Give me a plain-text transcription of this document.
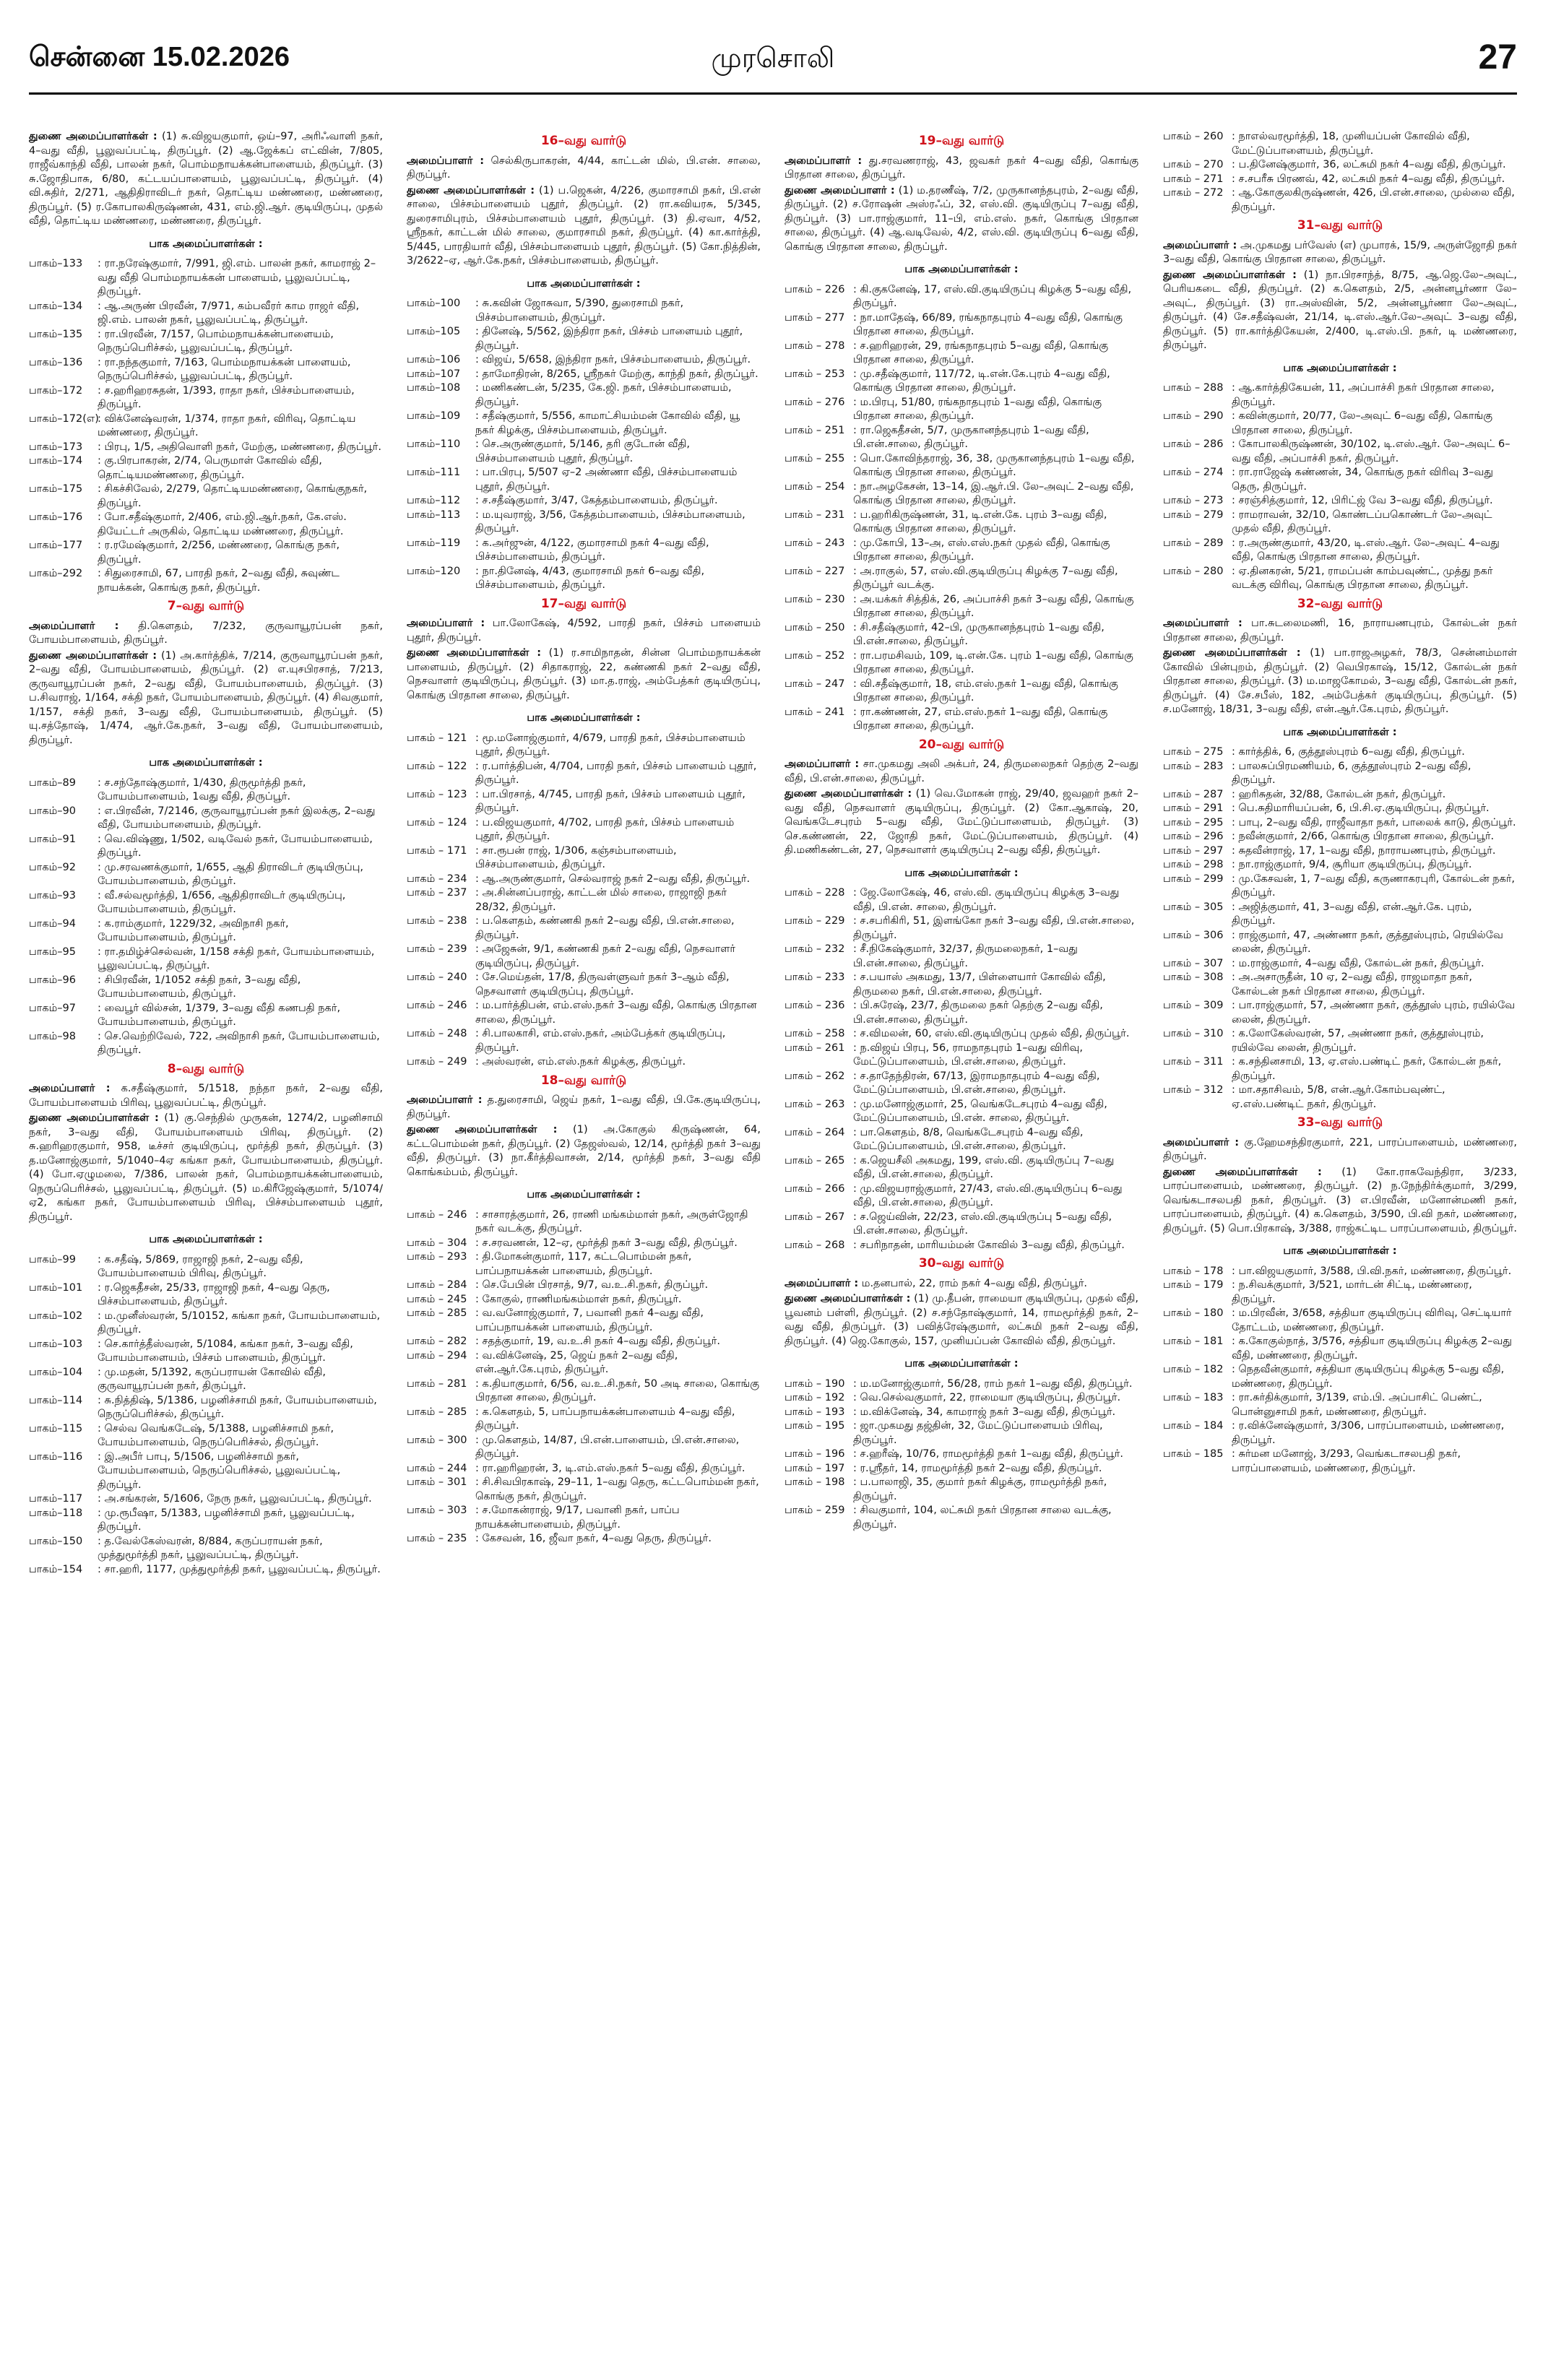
சென்னை 15.02.2026	முரசொலி	27

துணை அமைப்பாளர்கள் : (1) சு.விஜயகுமார், ஒய்–97, அரிஃவாளி நகர், 4–வது வீதி, பூலுவப்பட்டி, திருப்பூர். (2) ஆ.ஜேக்கப் எட்வின், 7/805, ராஜீவ்காந்தி வீதி, பாலன் நகர், பொம்மநாயக்கன்பாளையம், திருப்பூர். (3) சு.ஜோதிபாசு, 6/80, கட்டயப்பாளையம், பூலுவப்பட்டி, திருப்பூர். (4) வி.சுதிர், 2/271, ஆதிதிராவிடர் நகர், தொட்டிய மண்ணரை, மண்ணரை, திருப்பூர். (5) ர.கோபாலகிருஷ்ணன், 431, எம்.ஜி.ஆர். குடியிருப்பு, முதல் வீதி, தொட்டிய மண்ணரை, மண்ணரை, திருப்பூர்.

பாக அமைப்பாளர்கள் :
பாகம்–133	: ரா.நரேஷ்குமார், 7/991, ஜி.எம். பாலன் நகர், காமராஜ் 2–வது வீதி பொம்மநாயக்கன் பாளையம், பூலுவப்பட்டி, திருப்பூர்.
பாகம்–134	: ஆ.அருண் பிரவீன், 7/971, கம்பவீரர் காம ராஜர் வீதி, ஜி.எம். பாலன் நகர், பூலுவப்பட்டி, திருப்பூர்.
பாகம்–135	: ரா.பிரவீன், 7/157, பொம்மநாயக்கன்பாளையம், நெருப்பெரிச்சல், பூலுவப்பட்டி, திருப்பூர்.
பாகம்–136	: ரா.நந்தகுமார், 7/163, பொம்மநாயக்கன் பாளையம், நெருப்பெரிச்சல், பூலுவப்பட்டி, திருப்பூர்.
பாகம்–172	: ச.ஹரிஹரசுதன், 1/393, ராதா நகர், பிச்சம்பாளையம், திருப்பூர்.
பாகம்–172(எ) : விக்னேஷ்வரன், 1/374, ராதா நகர், விரிவு, தொட்டிய மண்ணரை, திருப்பூர்.
பாகம்–173	: பிரபு, 1/5, அதிவொளி நகர், மேற்கு, மண்ணரை, திருப்பூர்.
பாகம்–174	: கு.பிரபாகரன், 2/74, பெருமாள் கோவில் வீதி, தொட்டியமண்ணரை, திருப்பூர்.
பாகம்–175	: சிகச்சிவேல், 2/279, தொட்டியமண்ணரை, கொங்குநகர், திருப்பூர்.
பாகம்–176	: போ.சதீஷ்குமார், 2/406, எம்.ஜி.ஆர்.நகர், கே.எஸ். தியேட்டர் அருகில், தொட்டிய மண்ணரை, திருப்பூர்.
பாகம்–177	: ர.ரமேஷ்குமார், 2/256, மண்ணரை, கொங்கு நகர், திருப்பூர்.
பாகம்–292	: சிதுரைசாமி, 67, பாரதி நகர், 2–வது வீதி, சுவுண்ட நாயக்கன், கொங்கு நகர், திருப்பூர்.
7–வது வார்டு

அமைப்பாளர் : தி.கௌதம், 7/232, குருவாயூரப்பன் நகர், போயம்பாளையம், திருப்பூர்.

துணை அமைப்பாளர்கள் : (1) அ.கார்த்திக், 7/214, குருவாயூரப்பன் நகர், 2–வது வீதி, போயம்பாளையம், திருப்பூர். (2) எ.யுசபிரசாத், 7/213, குருவாயூரப்பன் நகர், 2–வது வீதி, போயம்பாளையம், திருப்பூர். (3) ப.சிவராஜ், 1/164, சக்தி நகர், போயம்பாளையம், திருப்பூர். (4) சிவகுமார், 1/157, சக்தி நகர், 3–வது வீதி, போயம்பாளையம், திருப்பூர். (5) யு.சத்தோஷ், 1/474, ஆர்.கே.நகர், 3–வது வீதி, போயம்பாளையம், திருப்பூர்.

பாக அமைப்பாளர்கள் :
பாகம்–89	: ச.சந்தோஷ்குமார், 1/430, திருமூர்த்தி நகர், போயம்பாளையம், 1வது வீதி, திருப்பூர்.
பாகம்–90	: எ.பிரவீன், 7/2146, குருவாயூரப்பன் நகர் இலக்கு, 2–வது வீதி, போயம்பாளையம், திருப்பூர்.
பாகம்–91	: வெ.விஷ்ணு, 1/502, வடிவேல் நகர், போயம்பாளையம், திருப்பூர்.
பாகம்–92	: மு.சரவணக்குமார், 1/655, ஆதி திராவிடர் குடியிருப்பு, போயம்பாளையம், திருப்பூர்.
பாகம்–93	: வீ.சல்வமூர்த்தி, 1/656, ஆதிதிராவிடர் குடியிருப்பு, போயம்பாளையம், திருப்பூர்.
பாகம்–94	: க.ராம்குமார், 1229/32, அவிநாசி நகர், போயம்பாளையம், திருப்பூர்.
பாகம்–95	: ரா.தமிழ்ச்செல்வன், 1/158 சக்தி நகர், போயம்பாளையம், பூலுவப்பட்டி, திருப்பூர்.
பாகம்–96	: சிபிரவீன், 1/1052 சக்தி நகர், 3–வது வீதி, போயம்பாளையம், திருப்பூர்.
பாகம்–97	: வைபூர் வில்சன், 1/379, 3–வது வீதி கணபதி நகர், போயம்பாளையம், திருப்பூர்.
பாகம்–98	: செ.வெற்றிவேல், 722, அவிநாசி நகர், போயம்பாளையம், திருப்பூர்.
8–வது வார்டு

அமைப்பாளர் : க.சதீஷ்குமார், 5/1518, நந்தா நகர், 2–வது வீதி, போயம்பாளையம் பிரிவு, பூலுவப்பட்டி, திருப்பூர்.

துணை அமைப்பாளர்கள் : (1) கு.செந்தில் முருகன், 1274/2, பழனிசாமி நகர், 3–வது வீதி, போயம்பாளையம் பிரிவு, திருப்பூர். (2) சு.ஹரிஹரகுமார், 958, டீச்சர் குடியிருப்பு, மூர்த்தி நகர், திருப்பூர். (3) த.மனோஜ்குமார், 5/1040–4ஏ கங்கா நகர், போயம்பாளையம், திருப்பூர். (4) போ.ஏழுமலை, 7/386, பாலன் நகர், பொம்மநாயக்கன்பாளையம், நெருப்பெரிச்சல், பூலுவப்பட்டி, திருப்பூர். (5) ம.கிரீஜேஷ்குமார், 5/1074/ஏ2, கங்கா நகர், போயம்பாளையம் பிரிவு, பிச்சம்பாளையம் புதூர், திருப்பூர்.

பாக அமைப்பாளர்கள் :
பாகம்–99	: க.சதீஷ், 5/869, ராஜாஜி நகர், 2–வது வீதி, போயம்பாளையம் பிரிவு, திருப்பூர்.
பாகம்–101	: ர.ஜெகதீசன், 25/33, ராஜாஜி நகர், 4–வது தெரு, பிச்சம்பாளையம், திருப்பூர்.
பாகம்–102	: ம.முனீஸ்வரன், 5/10152, கங்கா நகர், போயம்பாளையம், திருப்பூர்.
பாகம்–103	: செ.கார்த்தீஸ்வரன், 5/1084, கங்கா நகர், 3–வது வீதி, போயம்பாளையம், பிச்சம் பாளையம், திருப்பூர்.
பாகம்–104	: மு.மதன், 5/1392, கருப்பராயன் கோவில் வீதி, குருவாயூரப்பன் நகர், திருப்பூர்.
பாகம்–114	: சு.நித்திஷ், 5/1386, பழனிச்சாமி நகர், போயம்பாளையம், நெருப்பெரிச்சல், திருப்பூர்.
பாகம்–115	: செல்வ வெங்கடேஷ், 5/1388, பழனிச்சாமி நகர், போயம்பாளையம், நெருப்பெரிச்சல், திருப்பூர்.
பாகம்–116	: இ.அபீர் பாபு, 5/1506, பழனிச்சாமி நகர், போயம்பாளையம், நெருப்பெரிச்சல், பூலுவப்பட்டி, திருப்பூர்.
பாகம்–117	: அ.சங்கரன், 5/1606, நேரு நகர், பூலுவப்பட்டி, திருப்பூர்.
பாகம்–118	: மு.ரூபீஷா, 5/1383, பழனிச்சாமி நகர், பூலுவப்பட்டி, திருப்பூர்.
பாகம்–150	: த.வேல்கேஸ்வரன், 8/884, கருப்பராயன் நகர், முத்துமூர்த்தி நகர், பூலுவப்பட்டி, திருப்பூர்.
பாகம்–154	: சா.ஹரி, 1177, முத்துமூர்த்தி நகர், பூலுவப்பட்டி, திருப்பூர்.
16–வது வார்டு

அமைப்பாளர் : செல்கிருபாகரன், 4/44, காட்டன் மில், பி.என். சாலை, திருப்பூர்.

துணை அமைப்பாளர்கள் : (1) ப.ஜெகன், 4/226, குமாரசாமி நகர், பி.என் சாலை, பிச்சம்பாளையம் புதூர், திருப்பூர். (2) ரா.கவியரசு, 5/345, துரைசாமிபுரம், பிச்சம்பாளையம் புதூர், திருப்பூர். (3) தி.ஏவா, 4/52, ஸ்ரீநகர், காட்டன் மில் சாலை, குமாரசாமி நகர், திருப்பூர். (4) கா.கார்த்தி, 5/445, பாரதியார் வீதி, பிச்சம்பாளையம் புதூர், திருப்பூர். (5) கோ.நித்தின், 3/2622–ஏ, ஆர்.கே.நகர், பிச்சம்பாளையம், திருப்பூர்.

பாக அமைப்பாளர்கள் :
பாகம்–100	: சு.கவின் ஜோசுவா, 5/390, துரைசாமி நகர், பிச்சம்பாளையம், திருப்பூர்.
பாகம்–105	: தினேஷ், 5/562, இந்திரா நகர், பிச்சம் பாளையம் புதூர், திருப்பூர்.
பாகம்–106	: விஜய், 5/658, இந்திரா நகர், பிச்சம்பாளையம், திருப்பூர்.
பாகம்–107	: தாமோதிரன், 8/265, ஸ்ரீநகர் மேற்கு, காந்தி நகர், திருப்பூர்.
பாகம்–108	: மணிகண்டன், 5/235, கே.ஜி. நகர், பிச்சம்பாளையம், திருப்பூர்.
பாகம்–109	: சதீஷ்குமார், 5/556, காமாட்சியம்மன் கோவில் வீதி, யூ நகர் கிழக்கு, பிச்சம்பாளையம், திருப்பூர்.
பாகம்–110	: செ.அருண்குமார், 5/146, தரி குடோன் வீதி, பிச்சம்பாளையம் புதூர், திருப்பூர்.
பாகம்–111	: பா.பிரபு, 5/507 ஏ–2 அண்ணா வீதி, பிச்சம்பாளையம் புதூர், திருப்பூர்.
பாகம்–112	: ச.சதீஷ்குமார், 3/47, கேத்தம்பாளையம், திருப்பூர்.
பாகம்–113	: ம.யுவராஜ், 3/56, கேத்தம்பாளையம், பிச்சம்பாளையம், திருப்பூர்.
பாகம்–119	: க.அர்ஜுன், 4/122, குமாரசாமி நகர் 4–வது வீதி, பிச்சம்பாளையம், திருப்பூர்.
பாகம்–120	: நா.தினேஷ், 4/43, குமாரசாமி நகர் 6–வது வீதி, பிச்சம்பாளையம், திருப்பூர்.
17–வது வார்டு

அமைப்பாளர் : பா.லோகேஷ், 4/592, பாரதி நகர், பிச்சம் பாளையம் புதூர், திருப்பூர்.

துணை அமைப்பாளர்கள் : (1) ர.சாமிநாதன், சின்ன பொம்மநாயக்கன் பாளையம், திருப்பூர். (2) சிதாகராஜ், 22, கண்ணகி நகர் 2–வது வீதி, நெசவாளர் குடியிருப்பு, திருப்பூர். (3) மா.த.ராஜ், அம்பேத்கர் குடியிருப்பு, கொங்கு பிரதான சாலை, திருப்பூர்.

பாக அமைப்பாளர்கள் :
பாகம் – 121	: மூ.மனோஜ்குமார், 4/679, பாரதி நகர், பிச்சம்பாளையம் புதூர், திருப்பூர்.
பாகம் – 122	: ர.பார்த்திபன், 4/704, பாரதி நகர், பிச்சம் பாளையம் புதூர், திருப்பூர்.
பாகம் – 123	: பா.பிரசாத், 4/745, பாரதி நகர், பிச்சம் பாளையம் புதூர், திருப்பூர்.
பாகம் – 124	: ப.விஜயகுமார், 4/702, பாரதி நகர், பிச்சம் பாளையம் புதூர், திருப்பூர்.
பாகம் – 171	: சா.ரூபன் ராஜ், 1/306, கஞ்சம்பாளையம், பிச்சம்பாளையம், திருப்பூர்.
பாகம் – 234	: ஆ.அருண்குமார், செல்வராஜ் நகர் 2–வது வீதி, திருப்பூர்.
பாகம் – 237	: அ.சின்னப்பராஜ், காட்டன் மில் சாலை, ராஜாஜி நகர் 28/32, திருப்பூர்.
பாகம் – 238	: ப.கௌதம், கண்ணகி நகர் 2–வது வீதி, பி.என்.சாலை, திருப்பூர்.
பாகம் – 239	: அஜேசுன், 9/1, கண்ணகி நகர் 2–வது வீதி, நெசவாளர் குடியிருப்பு, திருப்பூர்.
பாகம் – 240	: சே.மெய்தன், 17/8, திருவள்ளுவர் நகர் 3–ஆம் வீதி, நெசவாளர் குடியிருப்பு, திருப்பூர்.
பாகம் – 246	: ம.பார்த்திபன், எம்.எஸ்.நகர் 3–வது வீதி, கொங்கு பிரதான சாலை, திருப்பூர்.
பாகம் – 248	: சி.பாலகாசி, எம்.எஸ்.நகர், அம்பேத்கர் குடியிருப்பு, திருப்பூர்.
பாகம் – 249	: அஸ்வரன், எம்.எஸ்.நகர் கிழக்கு, திருப்பூர்.
18–வது வார்டு

அமைப்பாளர் : த.துரைசாமி, ஜெய் நகர், 1–வது வீதி, பி.கே.குடியிருப்பு, திருப்பூர்.

துணை அமைப்பாளர்கள் : (1) அ.கோகுல் கிருஷ்ணன், 64, கட்டபொம்மன் நகர், திருப்பூர். (2) தேஜஸ்வல், 12/14, மூர்த்தி நகர் 3–வது வீதி, திருப்பூர். (3) நா.கீர்த்திவாசன், 2/14, மூர்த்தி நகர், 3–வது வீதி கொங்கம்பம், திருப்பூர்.

பாக அமைப்பாளர்கள் :
பாகம் – 246	: சாசாரத்குமார், 26, ராணி மங்கம்மாள் நகர், அருள்ஜோதி நகர் வடக்கு, திருப்பூர்.
பாகம் – 304	: ச.சரவணன், 12–ஏ, மூர்த்தி நகர் 3–வது வீதி, திருப்பூர்.
பாகம் – 293	: தி.மோகன்குமார், 117, கட்டபொம்மன் நகர், பாப்பநாயக்கன் பாளையம், திருப்பூர்.
பாகம் – 284	: செ.பேபின் பிரசாத், 9/7, வ.உ.சி.நகர், திருப்பூர்.
பாகம் – 245	: கோகுல், ராணிமங்கம்மாள் நகர், திருப்பூர்.
பாகம் – 285	: வ.வனோஜ்குமார், 7, பவானி நகர் 4–வது வீதி, பாப்பநாயக்கன் பாளையம், திருப்பூர்.
பாகம் – 282	: சதத்குமார், 19, வ.உ.சி நகர் 4–வது வீதி, திருப்பூர்.
பாகம் – 294	: வ.விக்னேஷ், 25, ஜெய் நகர் 2–வது வீதி, என்.ஆர்.கே.புரம், திருப்பூர்.
பாகம் – 281	: க.தியாகுமார், 6/56, வ.உ.சி.நகர், 50 அடி சாலை, கொங்கு பிரதான சாலை, திருப்பூர்.
பாகம் – 285	: க.கௌதம், 5, பாப்பநாயக்கன்பாளையம் 4–வது வீதி, திருப்பூர்.
பாகம் – 300	: மு.கௌதம், 14/87, பி.என்.பாளையம், பி.என்.சாலை, திருப்பூர்.
பாகம் – 244	: ரா.ஹரிஹரன், 3, டி.எம்.எஸ்.நகர் 5–வது வீதி, திருப்பூர்.
பாகம் – 301	: சி.சிவபிரகாஷ், 29–11, 1–வது தெரு, கட்டபொம்மன் நகர், கொங்கு நகர், திருப்பூர்.
பாகம் – 303	: ச.மோகன்ராஜ், 9/17, பவானி நகர், பாப்ப நாயக்கன்பாளையம், திருப்பூர்.
பாகம் – 235	: கேசவன், 16, ஜீவா நகர், 4–வது தெரு, திருப்பூர்.
19–வது வார்டு

அமைப்பாளர் : து.சரவணராஜ், 43, ஜவகர் நகர் 4–வது வீதி, கொங்கு பிரதான சாலை, திருப்பூர்.

துணை அமைப்பாளர் : (1) ம.தரணீஷ், 7/2, முருகானந்தபுரம், 2–வது வீதி, திருப்பூர். (2) ச.ரோஷன் அஸ்ரஃப், 32, எஸ்.வி. குடியிருப்பு 7–வது வீதி, திருப்பூர். (3) பா.ராஜ்குமார், 11–பி, எம்.எஸ். நகர், கொங்கு பிரதான சாலை, திருப்பூர். (4) ஆ.வடிவேல், 4/2, எஸ்.வி. குடியிருப்பு 6–வது வீதி, கொங்கு பிரதான சாலை, திருப்பூர்.

பாக அமைப்பாளர்கள் :
பாகம் – 226	: கி.குகனேஷ், 17, எஸ்.வி.குடியிருப்பு கிழக்கு 5–வது வீதி, திருப்பூர்.
பாகம் – 277	: நா.மாதேஷ், 66/89, ரங்கநாதபுரம் 4–வது வீதி, கொங்கு பிரதான சாலை, திருப்பூர்.
பாகம் – 278	: ச.ஹரிஹரன், 29, ரங்கநாதபுரம் 5–வது வீதி, கொங்கு பிரதான சாலை, திருப்பூர்.
பாகம் – 253	: மு.சதீஷ்குமார், 117/72, டி.என்.கே.புரம் 4–வது வீதி, கொங்கு பிரதான சாலை, திருப்பூர்.
பாகம் – 276	: ம.பிரபு, 51/80, ரங்கநாதபுரம் 1–வது வீதி, கொங்கு பிரதான சாலை, திருப்பூர்.
பாகம் – 251	: ரா.ஜெகதீசன், 5/7, முருகானந்தபுரம் 1–வது வீதி, பி.என்.சாலை, திருப்பூர்.
பாகம் – 255	: பொ.கோவிந்தராஜ், 36, 38, முருகானந்தபுரம் 1–வது வீதி, கொங்கு பிரதான சாலை, திருப்பூர்.
பாகம் – 254	: நா.அழகேசன், 13–14, இ.ஆர்.பி. லே–அவுட் 2–வது வீதி, கொங்கு பிரதான சாலை, திருப்பூர்.
பாகம் – 231	: ப.ஹரிகிருஷ்ணன், 31, டி.என்.கே. புரம் 3–வது வீதி, கொங்கு பிரதான சாலை, திருப்பூர்.
பாகம் – 243	: மு.கோபி, 13–அ, எஸ்.எஸ்.நகர் முதல் வீதி, கொங்கு பிரதான சாலை, திருப்பூர்.
பாகம் – 227	: அ.ராகுல், 57, எஸ்.வி.குடியிருப்பு கிழக்கு 7–வது வீதி, திருப்பூர் வடக்கு.
பாகம் – 230	: அ.யக்கர் சித்திக், 26, அப்பாச்சி நகர் 3–வது வீதி, கொங்கு பிரதான சாலை, திருப்பூர்.
பாகம் – 250	: சி.சதீஷ்குமார், 42–பி, முருகானந்தபுரம் 1–வது வீதி, பி.என்.சாலை, திருப்பூர்.
பாகம் – 252	: ரா.பரமசிவம், 109, டி.என்.கே. புரம் 1–வது வீதி, கொங்கு பிரதான சாலை, திருப்பூர்.
பாகம் – 247	: வி.சதீஷ்குமார், 18, எம்.எஸ்.நகர் 1–வது வீதி, கொங்கு பிரதான சாலை, திருப்பூர்.
பாகம் – 241	: ரா.கண்ணன், 27, எம்.எஸ்.நகர் 1–வது வீதி, கொங்கு பிரதான சாலை, திருப்பூர்.
20–வது வார்டு

அமைப்பாளர் : சா.முகமது அலி அக்பர், 24, திருமலைநகர் தெற்கு 2–வது வீதி, பி.என்.சாலை, திருப்பூர்.

துணை அமைப்பாளர்கள் : (1) வெ.மோகன் ராஜ், 29/40, ஜவஹர் நகர் 2–வது வீதி, நெசவாளர் குடியிருப்பு, திருப்பூர். (2) கோ.ஆகாஷ், 20, வெங்கடேசபுரம் 5–வது வீதி, மேட்டுப்பாளையம், திருப்பூர். (3) செ.கண்ணன், 22, ஜோதி நகர், மேட்டுப்பாளையம், திருப்பூர். (4) தி.மணிகண்டன், 27, நெசவாளர் குடியிருப்பு 2–வது வீதி, திருப்பூர்.

பாக அமைப்பாளர்கள் :
பாகம் – 228	: ஜே.லோகேஷ், 46, எஸ்.வி. குடியிருப்பு கிழக்கு 3–வது வீதி, பி.என். சாலை, திருப்பூர்.
பாகம் – 229	: ச.சபரிகிரி, 51, இளங்கோ நகர் 3–வது வீதி, பி.என்.சாலை, திருப்பூர்.
பாகம் – 232	: சீ.நிகேஷ்குமார், 32/37, திருமலைநகர், 1–வது பி.என்.சாலை, திருப்பூர்.
பாகம் – 233	: ச.பயாஸ் அகமது, 13/7, பிள்ளையார் கோவில் வீதி, திருமலை நகர், பி.என்.சாலை, திருப்பூர்.
பாகம் – 236	: பி.சுரேஷ், 23/7, திருமலை நகர் தெற்கு 2–வது வீதி, பி.என்.சாலை, திருப்பூர்.
பாகம் – 258	: ச.விமலன், 60, எஸ்.வி.குடியிருப்பு முதல் வீதி, திருப்பூர்.
பாகம் – 261	: ந.விஜய் பிரபு, 56, ராமநாதபுரம் 1–வது விரிவு, மேட்டுப்பாளையம், பி.என்.சாலை, திருப்பூர்.
பாகம் – 262	: ச.தாதேந்திரன், 67/13, இராமநாதபுரம் 4–வது வீதி, மேட்டுப்பாளையம், பி.என்.சாலை, திருப்பூர்.
பாகம் – 263	: மு.மனோஜ்குமார், 25, வெங்கடேசபுரம் 4–வது வீதி, மேட்டுப்பாளையம், பி.என். சாலை, திருப்பூர்.
பாகம் – 264	: பா.கௌதம், 8/8, வெங்கடேசபுரம் 4–வது வீதி, மேட்டுப்பாளையம், பி.என்.சாலை, திருப்பூர்.
பாகம் – 265	: க.ஜெயசீலி அகமது, 199, எஸ்.வி. குடியிருப்பு 7–வது வீதி, பி.என்.சாலை, திருப்பூர்.
பாகம் – 266	: மு.விஜயராஜ்குமார், 27/43, எஸ்.வி.குடியிருப்பு 6–வது வீதி, பி.என்.சாலை, திருப்பூர்.
பாகம் – 267	: ச.ஜெய்வின், 22/23, எஸ்.வி.குடியிருப்பு 5–வது வீதி, பி.என்.சாலை, திருப்பூர்.
பாகம் – 268	: சபரிநாதன், மாரியம்மன் கோவில் 3–வது வீதி, திருப்பூர்.
30–வது வார்டு

அமைப்பாளர் : ம.தனபால், 22, ராம் நகர் 4–வது வீதி, திருப்பூர்.

துணை அமைப்பாளர்கள் : (1) மு.தீபன், ராமையா குடியிருப்பு, முதல் வீதி, பூவனம் பள்ளி, திருப்பூர். (2) ச.சந்தோஷ்குமார், 14, ராமமூர்த்தி நகர், 2–வது வீதி, திருப்பூர். (3) பவித்ரேஷ்குமார், லட்சுமி நகர் 2–வது வீதி, திருப்பூர். (4) ஜெ.கோகுல், 157, முனியப்பன் கோவில் வீதி, திருப்பூர்.

பாக அமைப்பாளர்கள் :
பாகம் – 190	: ம.மனோஜ்குமார், 56/28, ராம் நகர் 1–வது வீதி, திருப்பூர்.
பாகம் – 192	: வெ.செல்வகுமார், 22, ராமையா குடியிருப்பு, திருப்பூர்.
பாகம் – 193	: ம.விக்னேஷ், 34, காமராஜ் நகர் 3–வது வீதி, திருப்பூர்.
பாகம் – 195	: ஜா.முகமது தஜ்தின், 32, மேட்டுப்பாளையம் பிரிவு, திருப்பூர்.
பாகம் – 196	: ச.ஹரீஷ், 10/76, ராமமூர்த்தி நகர் 1–வது வீதி, திருப்பூர்.
பாகம் – 197	: ர.ஸ்ரீதர், 14, ராமமூர்த்தி நகர் 2–வது வீதி, திருப்பூர்.
பாகம் – 198	: ப.பாலாஜி, 35, குமார் நகர் கிழக்கு, ராமமூர்த்தி நகர், திருப்பூர்.
பாகம் – 259	: சிவகுமார், 104, லட்சுமி நகர் பிரதான சாலை வடக்கு, திருப்பூர்.
பாகம் – 260	: நாஎல்வரமூர்த்தி, 18, முனியப்பன் கோவில் வீதி, மேட்டுப்பாளையம், திருப்பூர்.
பாகம் – 270	: ப.தினேஷ்குமார், 36, லட்சுமி நகர் 4–வது வீதி, திருப்பூர்.
பாகம் – 271	: ச.சபரீசு பிரணவ், 42, லட்சுமி நகர் 4–வது வீதி, திருப்பூர்.
பாகம் – 272	: ஆ.கோகுலகிருஷ்ணன், 426, பி.என்.சாலை, முல்லை வீதி, திருப்பூர்.
31–வது வார்டு

அமைப்பாளர் : அ.முகமது பர்வேஸ் (எ) முபாரக், 15/9, அருள்ஜோதி நகர் 3–வது வீதி, கொங்கு பிரதான சாலை, திருப்பூர்.

துணை அமைப்பாளர்கள் : (1) நா.பிரசாந்த், 8/75, ஆ.ஜெ.லே–அவுட், பெரியகடை வீதி, திருப்பூர். (2) க.கௌதம், 2/5, அன்னபூர்ணா லே–அவுட், திருப்பூர். (3) ரா.அஸ்வின், 5/2, அன்னபூர்ணா லே–அவுட், திருப்பூர். (4) சே.சதீஷ்வன், 21/14, டி.எஸ்.ஆர்.லே–அவுட் 3–வது வீதி, திருப்பூர். (5) ரா.கார்த்திகேயன், 2/400, டி.எஸ்.பி. நகர், டி மண்ணரை, திருப்பூர்.

பாக அமைப்பாளர்கள் :
பாகம் – 288	: ஆ.கார்த்திகேயன், 11, அப்பாச்சி நகர் பிரதான சாலை, திருப்பூர்.
பாகம் – 290	: கவின்குமார், 20/77, லே–அவுட் 6–வது வீதி, கொங்கு பிரதான சாலை, திருப்பூர்.
பாகம் – 286	: கோபாலகிருஷ்ணன், 30/102, டி.எஸ்.ஆர். லே–அவுட் 6–வது வீதி, அப்பாச்சி நகர், திருப்பூர்.
பாகம் – 274	: ரா.ராஜேஷ் கண்ணன், 34, கொங்கு நகர் விரிவு 3–வது தெரு, திருப்பூர்.
பாகம் – 273	: சரஞ்சித்குமார், 12, பிரிட்ஜ் வே 3–வது வீதி, திருப்பூர்.
பாகம் – 279	: ராமராவன், 32/10, கொண்டப்பகொண்டர் லே–அவுட் முதல் வீதி, திருப்பூர்.
பாகம் – 289	: ர.அருண்குமார், 43/20, டி.எஸ்.ஆர். லே–அவுட் 4–வது வீதி, கொங்கு பிரதான சாலை, திருப்பூர்.
பாகம் – 280	: ஏ.தினகரன், 5/21, ராமப்பன் காம்பவுண்ட், முத்து நகர் வடக்கு விரிவு, கொங்கு பிரதான சாலை, திருப்பூர்.
32–வது வார்டு

அமைப்பாளர் : பா.சுடலைமணி, 16, நாராயணபுரம், கோல்டன் நகர் பிரதான சாலை, திருப்பூர்.

துணை அமைப்பாளர்கள் : (1) பா.ராஜஅழகர், 78/3, சென்னம்மாள் கோவில் பின்புறம், திருப்பூர். (2) வெபிரகாஷ், 15/12, கோல்டன் நகர் பிரதான சாலை, திருப்பூர். (3) ம.மாஜகோமல், 3–வது வீதி, கோல்டன் நகர், திருப்பூர். (4) சே.சபீஸ், 182, அம்பேத்கர் குடியிருப்பு, திருப்பூர். (5) ச.மனோஜ், 18/31, 3–வது வீதி, என்.ஆர்.கே.புரம், திருப்பூர்.

பாக அமைப்பாளர்கள் :
பாகம் – 275	: கார்த்திக், 6, குத்தூஸ்புரம் 6–வது வீதி, திருப்பூர்.
பாகம் – 283	: பாலசுப்பிரமணியம், 6, குத்தூஸ்புரம் 2–வது வீதி, திருப்பூர்.
பாகம் – 287	: ஹரிசுதன், 32/88, கோல்டன் நகர், திருப்பூர்.
பாகம் – 291	: பெ.சுதிமாரியப்பன், 6, பி.சி.ஏ.குடியிருப்பு, திருப்பூர்.
பாகம் – 295	: பாபு, 2–வது வீதி, ராஜீவாதா நகர், பாலைக் காடு, திருப்பூர்.
பாகம் – 296	: நவீன்குமார், 2/66, கொங்கு பிரதான சாலை, திருப்பூர்.
பாகம் – 297	: சுதவீன்ராஜ், 17, 1–வது வீதி, நாராயணபுரம், திருப்பூர்.
பாகம் – 298	: நா.ராஜ்குமார், 9/4, சூரியா குடியிருப்பு, திருப்பூர்.
பாகம் – 299	: மு.கேசவன், 1, 7–வது வீதி, கருணாகரபுரி, கோல்டன் நகர், திருப்பூர்.
பாகம் – 305	: அஜித்குமார், 41, 3–வது வீதி, என்.ஆர்.கே. புரம், திருப்பூர்.
பாகம் – 306	: ராஜ்குமார், 47, அண்ணா நகர், குத்தூஸ்புரம், ரெயில்வே லைன், திருப்பூர்.
பாகம் – 307	: ம.ராஜ்குமார், 4–வது வீதி, கோல்டன் நகர், திருப்பூர்.
பாகம் – 308	: அ.அசாருதீன், 10 ஏ, 2–வது வீதி, ராஜமாதா நகர், கோல்டன் நகர் பிரதான சாலை, திருப்பூர்.
பாகம் – 309	: பா.ராஜ்குமார், 57, அண்ணா நகர், குத்தூஸ் புரம், ரயில்வே லைன், திருப்பூர்.
பாகம் – 310	: க.லோகேஸ்வரன், 57, அண்ணா நகர், குத்தூஸ்புரம், ரயில்வே லைன், திருப்பூர்.
பாகம் – 311	: க.சந்தினசாமி, 13, ஏ.எஸ்.பண்டிட் நகர், கோல்டன் நகர், திருப்பூர்.
பாகம் – 312	: மா.சதாசிவம், 5/8, என்.ஆர்.கோம்பவுண்ட், ஏ.எஸ்.பண்டிட் நகர், திருப்பூர்.
33–வது வார்டு

அமைப்பாளர் : கு.ஹேமசந்திரகுமார், 221, பாரப்பாளையம், மண்ணரை, திருப்பூர்.

துணை அமைப்பாளர்கள் : (1) கோ.ராகவேந்திரா, 3/233, பாரப்பாளையம், மண்ணரை, திருப்பூர். (2) ந.நேந்திர்க்குமார், 3/299, வெங்கடாசலபதி நகர், திருப்பூர். (3) எ.பிரவீன், மனோன்மணி நகர், பாரப்பாளையம், திருப்பூர். (4) க.கௌதம், 3/590, பி.வி நகர், மண்ணரை, திருப்பூர். (5) பொ.பிரகாஷ், 3/388, ராஜ்கட்டிட பாரப்பாளையம், திருப்பூர்.

பாக அமைப்பாளர்கள் :
பாகம் – 178	: பா.விஜயகுமார், 3/588, பி.வி.நகர், மண்ணரை, திருப்பூர்.
பாகம் – 179	: ந.சிவக்குமார், 3/521, மார்டன் சிட்டி, மண்ணரை, திருப்பூர்.
பாகம் – 180	: ம.பிரவீன், 3/658, சத்தியா குடியிருப்பு விரிவு, செட்டியார் தோட்டம், மண்ணரை, திருப்பூர்.
பாகம் – 181	: க.கோகுல்நாத், 3/576, சத்தியா குடியிருப்பு கிழக்கு 2–வது வீதி, மண்ணரை, திருப்பூர்.
பாகம் – 182	: நெதவீன்குமார், சத்தியா குடியிருப்பு கிழக்கு 5–வது வீதி, மண்ணரை, திருப்பூர்.
பாகம் – 183	: ரா.சுர்திக்குமார், 3/139, எம்.பி. அப்பாசிட் பெண்ட், பொன்னுசாமி நகர், மண்ணரை, திருப்பூர்.
பாகம் – 184	: ர.விக்னேஷ்குமார், 3/306, பாரப்பாளையம், மண்ணரை, திருப்பூர்.
பாகம் – 185	: சுர்மன மனோஜ், 3/293, வெங்கடாசலபதி நகர், பாரப்பாளையம், மண்ணரை, திருப்பூர்.
